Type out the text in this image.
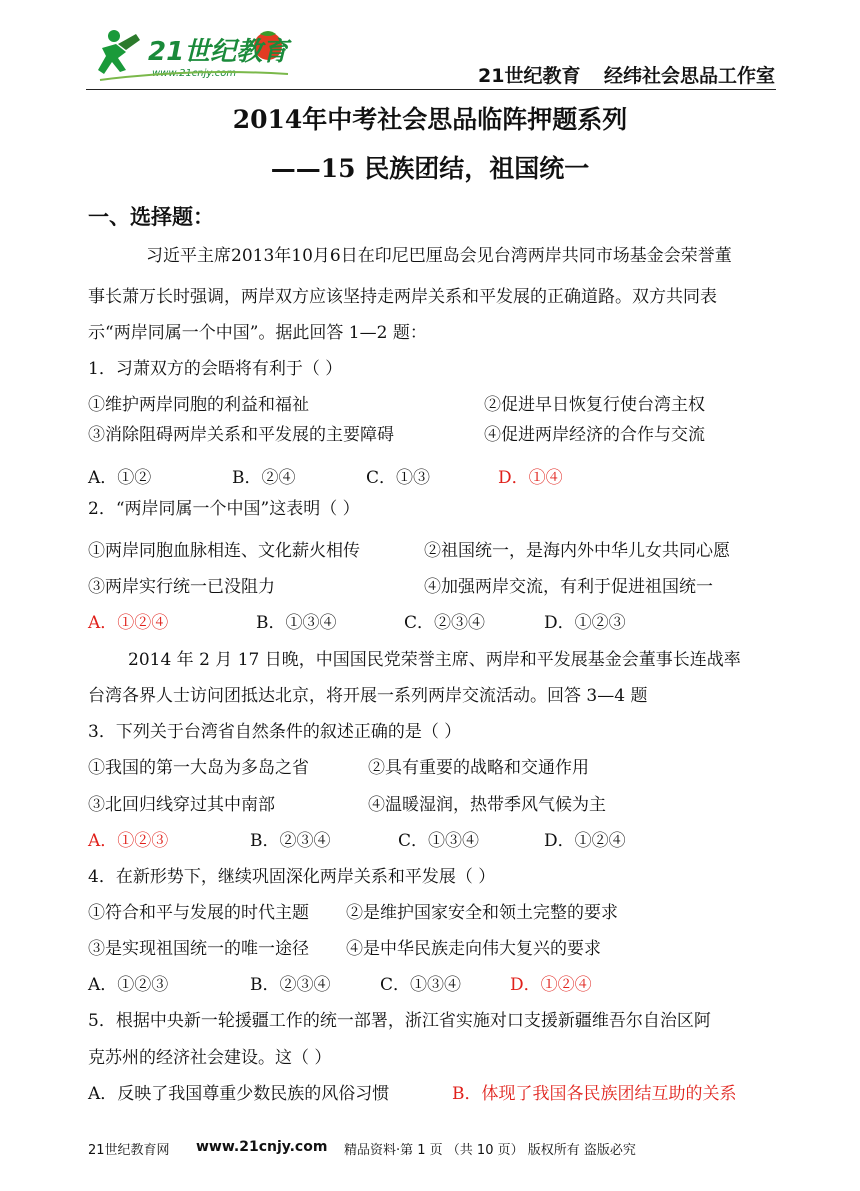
21世纪教育
www.21cnjy.com	21世纪教育 经纬社会思品工作室
2014年中考社会思品临阵押题系列
——15 民族团结，祖国统一
一、选择题：
习近平主席2013年10月6日在印尼巴厘岛会见台湾两岸共同市场基金会荣誉董
事长萧万长时强调，两岸双方应该坚持走两岸关系和平发展的正确道路。双方共同表
示“两岸同属一个中国”。据此回答 1—2 题：
1．习萧双方的会晤将有利于（ ）
①维护两岸同胞的利益和福祉	②促进早日恢复行使台湾主权
③消除阻碍两岸关系和平发展的主要障碍	④促进两岸经济的合作与交流
A．①②	B．②④	C．①③	D．①④
2．“两岸同属一个中国”这表明（ ）
①两岸同胞血脉相连、文化薪火相传	②祖国统一，是海内外中华儿女共同心愿
③两岸实行统一已没阻力	④加强两岸交流，有利于促进祖国统一
A．①②④	B．①③④	C．②③④	D．①②③
2014 年 2 月 17 日晚，中国国民党荣誉主席、两岸和平发展基金会董事长连战率
台湾各界人士访问团抵达北京，将开展一系列两岸交流活动。回答 3—4 题
3．下列关于台湾省自然条件的叙述正确的是（ ）
①我国的第一大岛为多岛之省	②具有重要的战略和交通作用
③北回归线穿过其中南部	④温暖湿润，热带季风气候为主
A．①②③	B．②③④	C．①③④	D．①②④
4．在新形势下，继续巩固深化两岸关系和平发展（ ）
①符合和平与发展的时代主题 ②是维护国家安全和领土完整的要求
③是实现祖国统一的唯一途径 ④是中华民族走向伟大复兴的要求
A．①②③	B．②③④	C．①③④	D．①②④
5．根据中央新一轮援疆工作的统一部署，浙江省实施对口支援新疆维吾尔自治区阿
克苏州的经济社会建设。这（ ）
A．反映了我国尊重少数民族的风俗习惯	B．体现了我国各民族团结互助的关系
21世纪教育网 www.21cnjy.com 精品资料·第 1 页 （共 10 页） 版权所有 盗版必究
